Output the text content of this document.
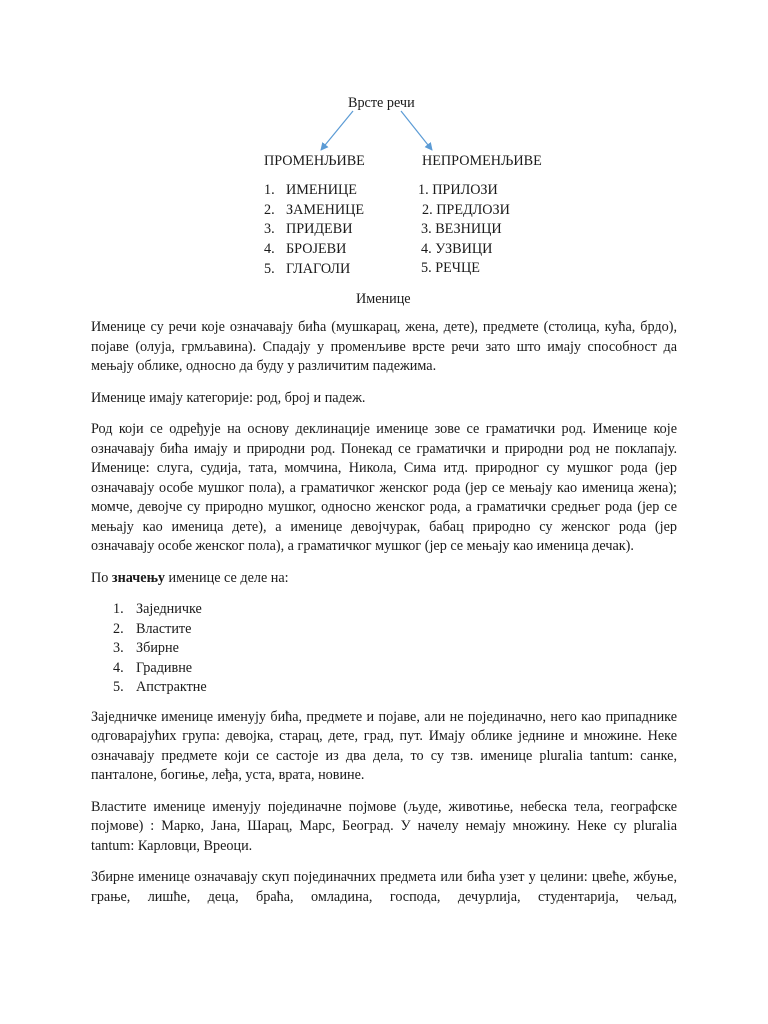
Врсте речи
ПРОМЕНЉИВЕ	НЕПРОМЕНЉИВЕ
1. ИМЕНИЦЕ
2. ЗАМЕНИЦЕ
3. ПРИДЕВИ
4. БРОЈЕВИ
5. ГЛАГОЛИ
1. ПРИЛОЗИ
2. ПРЕДЛОЗИ
3. ВЕЗНИЦИ
4. УЗВИЦИ
5. РЕЧЦЕ
Именице

Именице су речи које означавају бића (мушкарац, жена, дете), предмете (столица, кућа, брдо), појаве (олуја, грмљавина). Спадају у променљиве врсте речи зато што имају способност да мењају облике, односно да буду у различитим падежима.

Именице имају категорије: род, број и падеж.

Род који се одређује на основу деклинације именице зове се граматички род. Именице које означавају бића имају и природни род. Понекад се граматички и природни род не поклапају. Именице: слуга, судија, тата, момчина, Никола, Сима итд. природног су мушког рода (јер означавају особе мушког пола), а граматичког женског рода (јер се мењају као именица жена); момче, девојче су природно мушког, односно женског рода, а граматички средњег рода (јер се мењају као именица дете), а именице девојчурак, бабац природно су женског рода (јер означавају особе женског пола), а граматичког мушког (јер се мењају као именица дечак).

По значењу именице се деле на:

1. Заједничке
2. Властите
3. Збирне
4. Градивне
5. Апстрактне

Заједничке именице именују бића, предмете и појаве, али не појединачно, него као припаднике одговарајућих група: девојка, старац, дете, град, пут. Имају облике једнине и множине. Неке означавају предмете који се састоје из два дела, то су тзв. именице pluralia tantum: санке, панталоне, богиње, леђа, уста, врата, новине.

Властите именице именују појединачне појмове (људе, животиње, небеска тела, географске појмове) : Марко, Јана, Шарац, Марс, Београд. У начелу немају множину. Неке су pluralia tantum: Карловци, Вреоци.

Збирне именице означавају скуп појединачних предмета или бића узет у целини: цвеће, жбуње, грање, лишће, деца, браћа, омладина, господа, дечурлија, студентарија, чељад,
